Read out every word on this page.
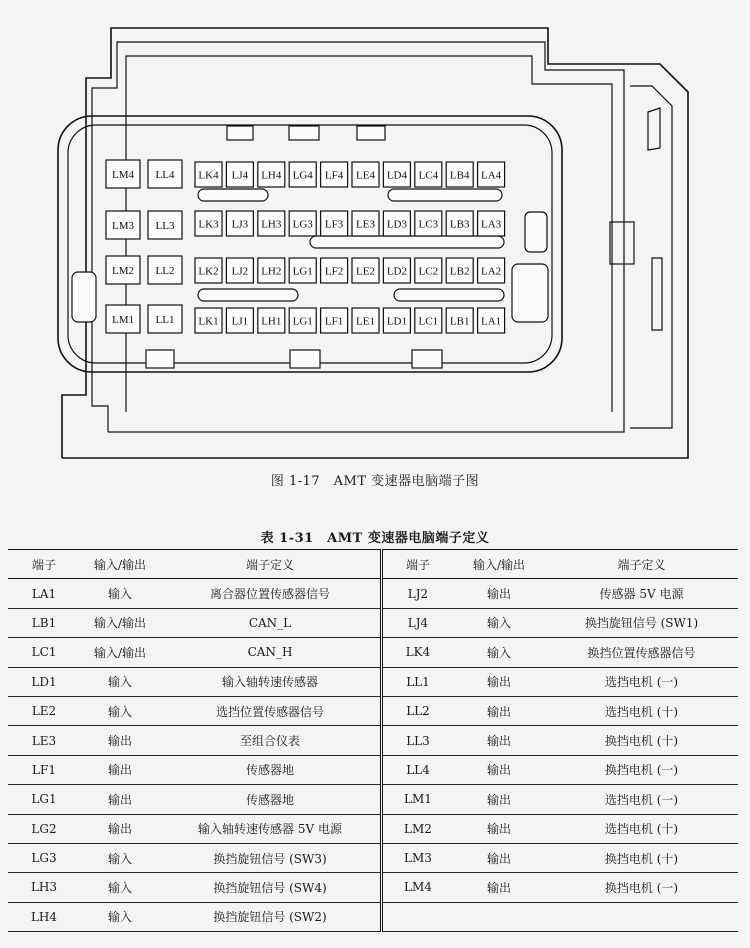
LM4 LL4
LM3 LL3
LM2 LL2
LM1 LL1
LK4 LJ4 LH4 LG4 LF4 LE4 LD4 LC4 LB4 LA4
LK3 LJ3 LH3 LG3 LF3 LE3 LD3 LC3 LB3 LA3
LK2 LJ2 LH2 LG1 LF2 LE2 LD2 LC2 LB2 LA2
LK1 LJ1 LH1 LG1 LF1 LE1 LD1 LC1 LB1 LA1
图 1-17　AMT 变速器电脑端子图
表 1-31　AMT 变速器电脑端子定义
端子	输入/输出	端子定义	端子	输入/输出	端子定义
LA1	输入	离合器位置传感器信号	LJ2	输出	传感器 5V 电源
LB1	输入/输出	CAN_L	LJ4	输入	换挡旋钮信号 (SW1)
LC1	输入/输出	CAN_H	LK4	输入	换挡位置传感器信号
LD1	输入	输入轴转速传感器	LL1	输出	选挡电机 (一)
LE2	输入	选挡位置传感器信号	LL2	输出	选挡电机 (十)
LE3	输出	至组合仪表	LL3	输出	换挡电机 (十)
LF1	输出	传感器地	LL4	输出	换挡电机 (一)
LG1	输出	传感器地	LM1	输出	选挡电机 (一)
LG2	输出	输入轴转速传感器 5V 电源	LM2	输出	选挡电机 (十)
LG3	输入	换挡旋钮信号 (SW3)	LM3	输出	换挡电机 (十)
LH3	输入	换挡旋钮信号 (SW4)	LM4	输出	换挡电机 (一)
LH4	输入	换挡旋钮信号 (SW2)			
